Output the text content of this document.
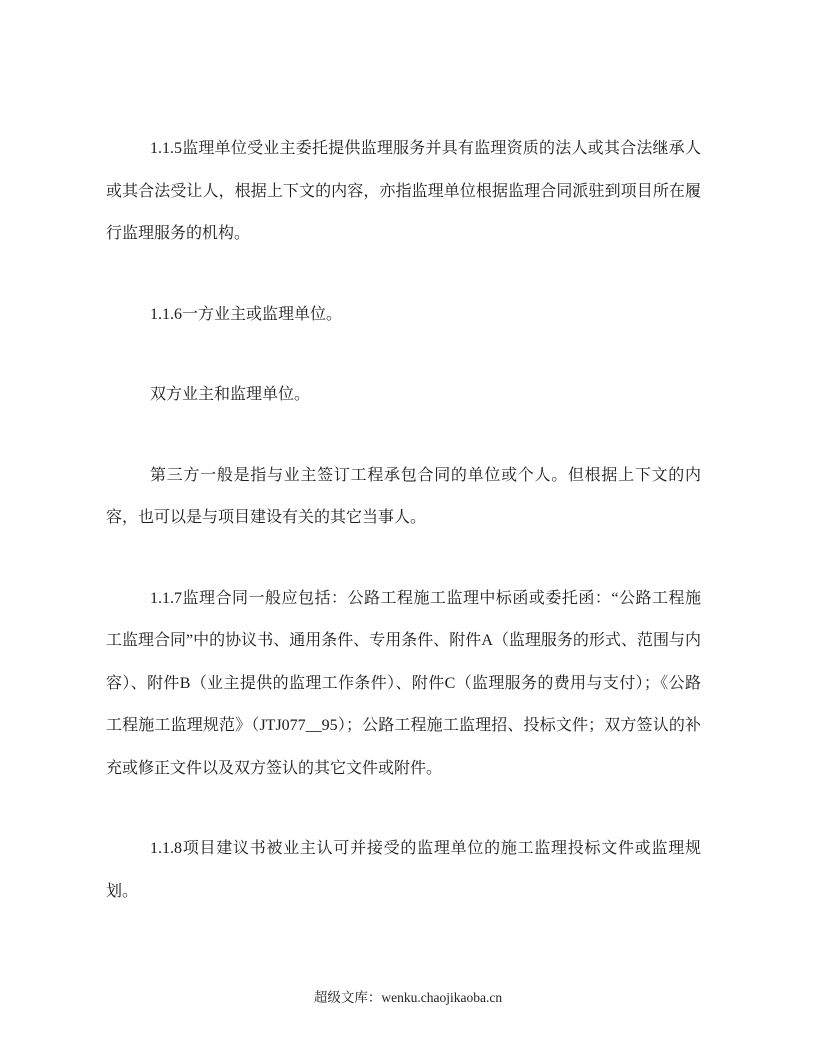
1.1.5监理单位受业主委托提供监理服务并具有监理资质的法人或其合法继承人或其合法受让人，根据上下文的内容，亦指监理单位根据监理合同派驻到项目所在履行监理服务的机构。

1.1.6一方业主或监理单位。

双方业主和监理单位。

第三方一般是指与业主签订工程承包合同的单位或个人。但根据上下文的内容，也可以是与项目建设有关的其它当事人。

1.1.7监理合同一般应包括：公路工程施工监理中标函或委托函：“公路工程施工监理合同”中的协议书、通用条件、专用条件、附件A（监理服务的形式、范围与内容）、附件B（业主提供的监理工作条件）、附件C（监理服务的费用与支付）；《公路工程施工监理规范》（JTJ077__95）；公路工程施工监理招、投标文件；双方签认的补充或修正文件以及双方签认的其它文件或附件。

1.1.8项目建议书被业主认可并接受的监理单位的施工监理投标文件或监理规划。

超级文库：wenku.chaojikaoba.cn
